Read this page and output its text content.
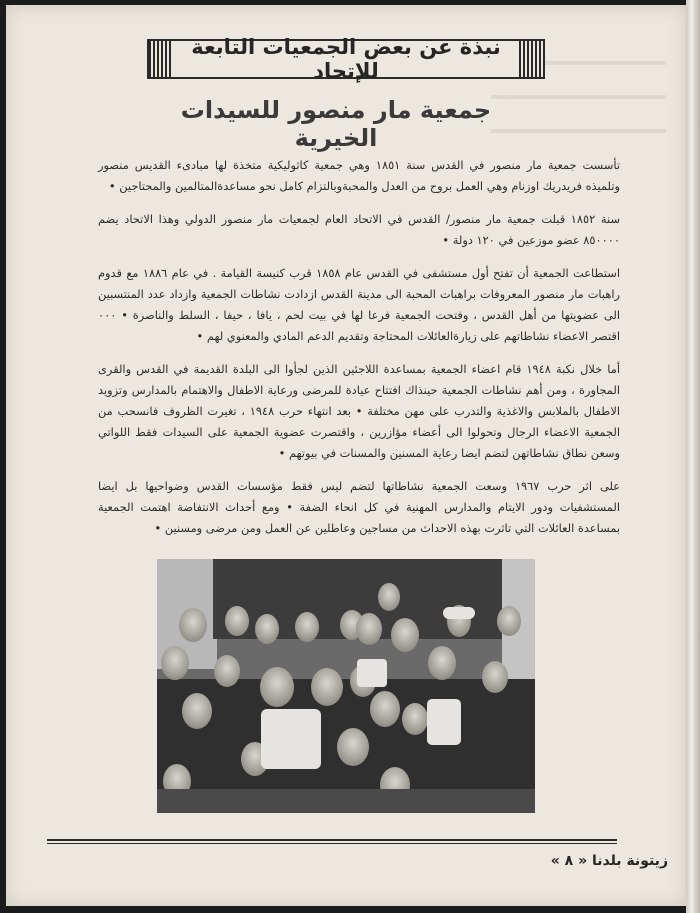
نبذة عن بعض الجمعيات التابعة للإتحاد
جمعية مار منصور للسيدات الخيرية

تأسست جمعية مار منصور في القدس سنة ١٨٥١ وهي جمعية كاثوليكية متخذة لها مبادىء القديس منصور وتلميذه فريدريك اوزنام وهي العمل بروح من العدل والمحبةوبالتزام كامل نحو مساعدةالمتالمين والمحتاجين •

سنة ١٨٥٢ قبلت جمعية مار منصور/ القدس في الاتحاد العام لجمعيات مار منصور الدولي وهذا الاتحاد يضم ٨٥٠٠٠٠ عضو موزعين في ١٢٠ دولة •

استطاعت الجمعية أن تفتح أول مستشفى في القدس عام ١٨٥٨ قرب كنيسة القيامة . في عام ١٨٨٦ مع قدوم راهبات مار منصور المعروفات براهبات المحبة الى مدينة القدس ازدادت نشاطات الجمعية وازداد عدد المنتسبين الى عضويتها من أهل القدس ، وفتحت الجمعية فرعا لها في بيت لحم ، يافا ، حيفا ، السلط والناصرة • ٠٠٠ اقتصر الاعضاء نشاطاتهم على زيارةالعائلات المحتاجة وتقديم الدعم المادي والمعنوي لهم •

أما خلال نكبة ١٩٤٨ قام اعضاء الجمعية بمساعدة اللاجئين الذين لجأوا الى البلدة القديمة في القدس والقرى المجاورة ، ومن أهم نشاطات الجمعية حينذاك افتتاح عيادة للمرضى ورعاية الاطفال والاهتمام بالمدارس وتزويد الاطفال بالملابس والاغذية والتدرب على مهن مختلفة • بعد انتهاء حرب ١٩٤٨ ، تغيرت الظروف فانسحب من الجمعية الاعضاء الرجال وتحولوا الى أعضاء مؤازرين ، واقتصرت عضوية الجمعية على السيدات فقط اللواتي وسعن نطاق نشاطاتهن لتضم ايضا رعاية المسنين والمسنات في بيوتهم •

على اثر حرب ١٩٦٧ وسعت الجمعية نشاطاتها لتضم ليس فقط مؤسسات القدس وضواحيها بل ايضا المستشفيات ودور الايتام والمدارس المهنية في كل انحاء الضفة • ومع أحداث الانتفاضة اهتمت الجمعية بمساعدة العائلات التي تاثرت بهذه الاحداث من مساجين وعاطلين عن العمل ومن مرضى ومسنين •

زيتونة بلدنا « ٨ »
